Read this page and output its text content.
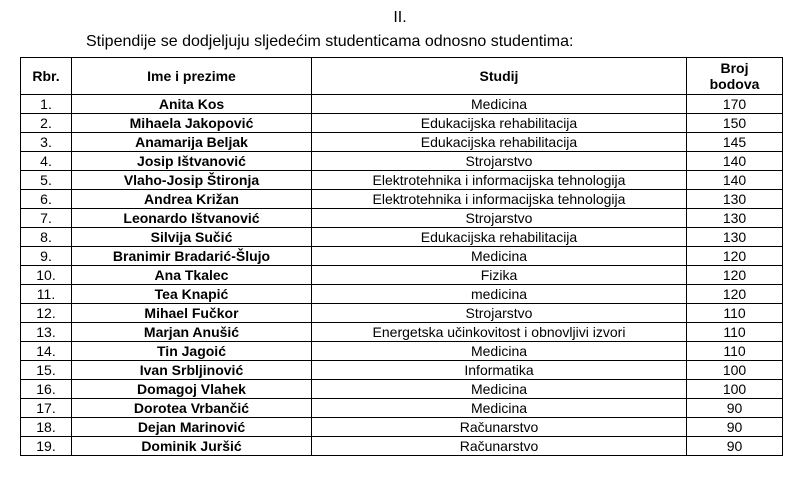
II.
Stipendije se dodjeljuju sljedećim studenticama odnosno studentima:
Rbr.	Ime i prezime	Studij	Broj
bodova
1.	Anita Kos	Medicina	170
2.	Mihaela Jakopović	Edukacijska rehabilitacija	150
3.	Anamarija Beljak	Edukacijska rehabilitacija	145
4.	Josip Ištvanović	Strojarstvo	140
5.	Vlaho-Josip Štironja	Elektrotehnika i informacijska tehnologija	140
6.	Andrea Križan	Elektrotehnika i informacijska tehnologija	130
7.	Leonardo Ištvanović	Strojarstvo	130
8.	Silvija Sučić	Edukacijska rehabilitacija	130
9.	Branimir Bradarić-Šlujo	Medicina	120
10.	Ana Tkalec	Fizika	120
11.	Tea Knapić	medicina	120
12.	Mihael Fučkor	Strojarstvo	110
13.	Marjan Anušić	Energetska učinkovitost i obnovljivi izvori	110
14.	Tin Jagoić	Medicina	110
15.	Ivan Srbljinović	Informatika	100
16.	Domagoj Vlahek	Medicina	100
17.	Dorotea Vrbančić	Medicina	90
18.	Dejan Marinović	Računarstvo	90
19.	Dominik Juršić	Računarstvo	90
